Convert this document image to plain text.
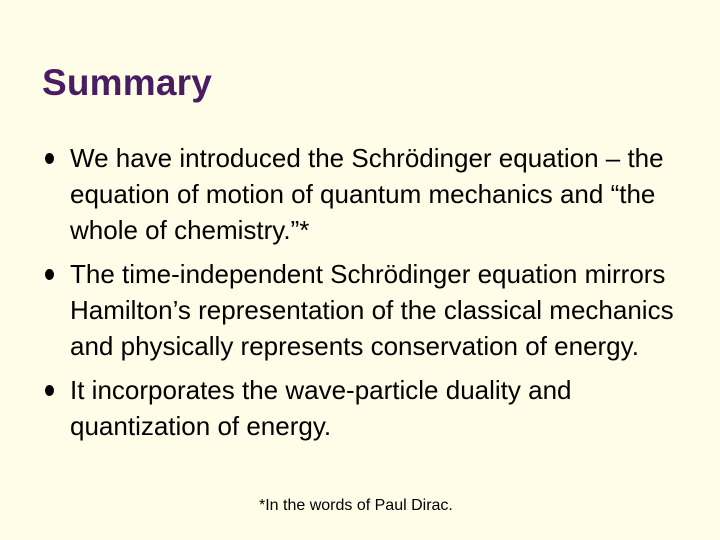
Summary
We have introduced the Schrödinger equation – the equation of motion of quantum mechanics and “the whole of chemistry.”*
The time-independent Schrödinger equation mirrors Hamilton’s representation of the classical mechanics and physically represents conservation of energy.
It incorporates the wave-particle duality and quantization of energy.
*In the words of Paul Dirac.
